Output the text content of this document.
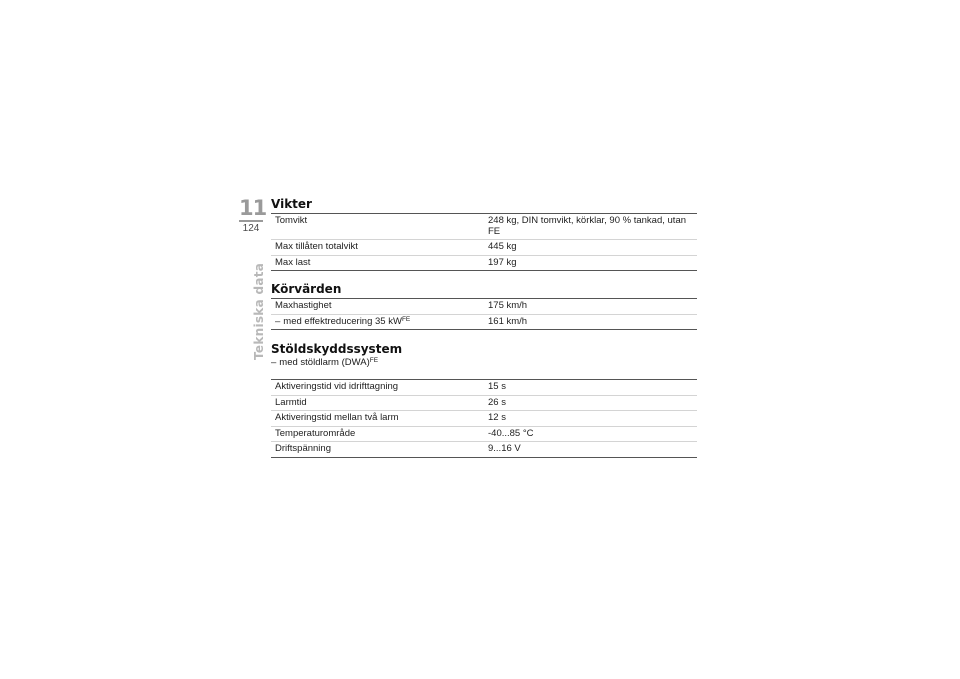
11
124
Tekniska data
Vikter
Tomvikt	248 kg, DIN tomvikt, körklar, 90 % tankad, utan FE
Max tillåten totalvikt	445 kg
Max last	197 kg
Körvärden
Maxhastighet	175 km/h
– med effektreducering 35 $kW^{FE}$	161 km/h
Stöldskyddssystem

– med stöldlarm (DWA)$^{FE}$

Aktiveringstid vid idrifttagning	15 s
Larmtid	26 s
Aktiveringstid mellan två larm	12 s
Temperaturområde	-40...85 °C
Driftspänning	9...16 V
